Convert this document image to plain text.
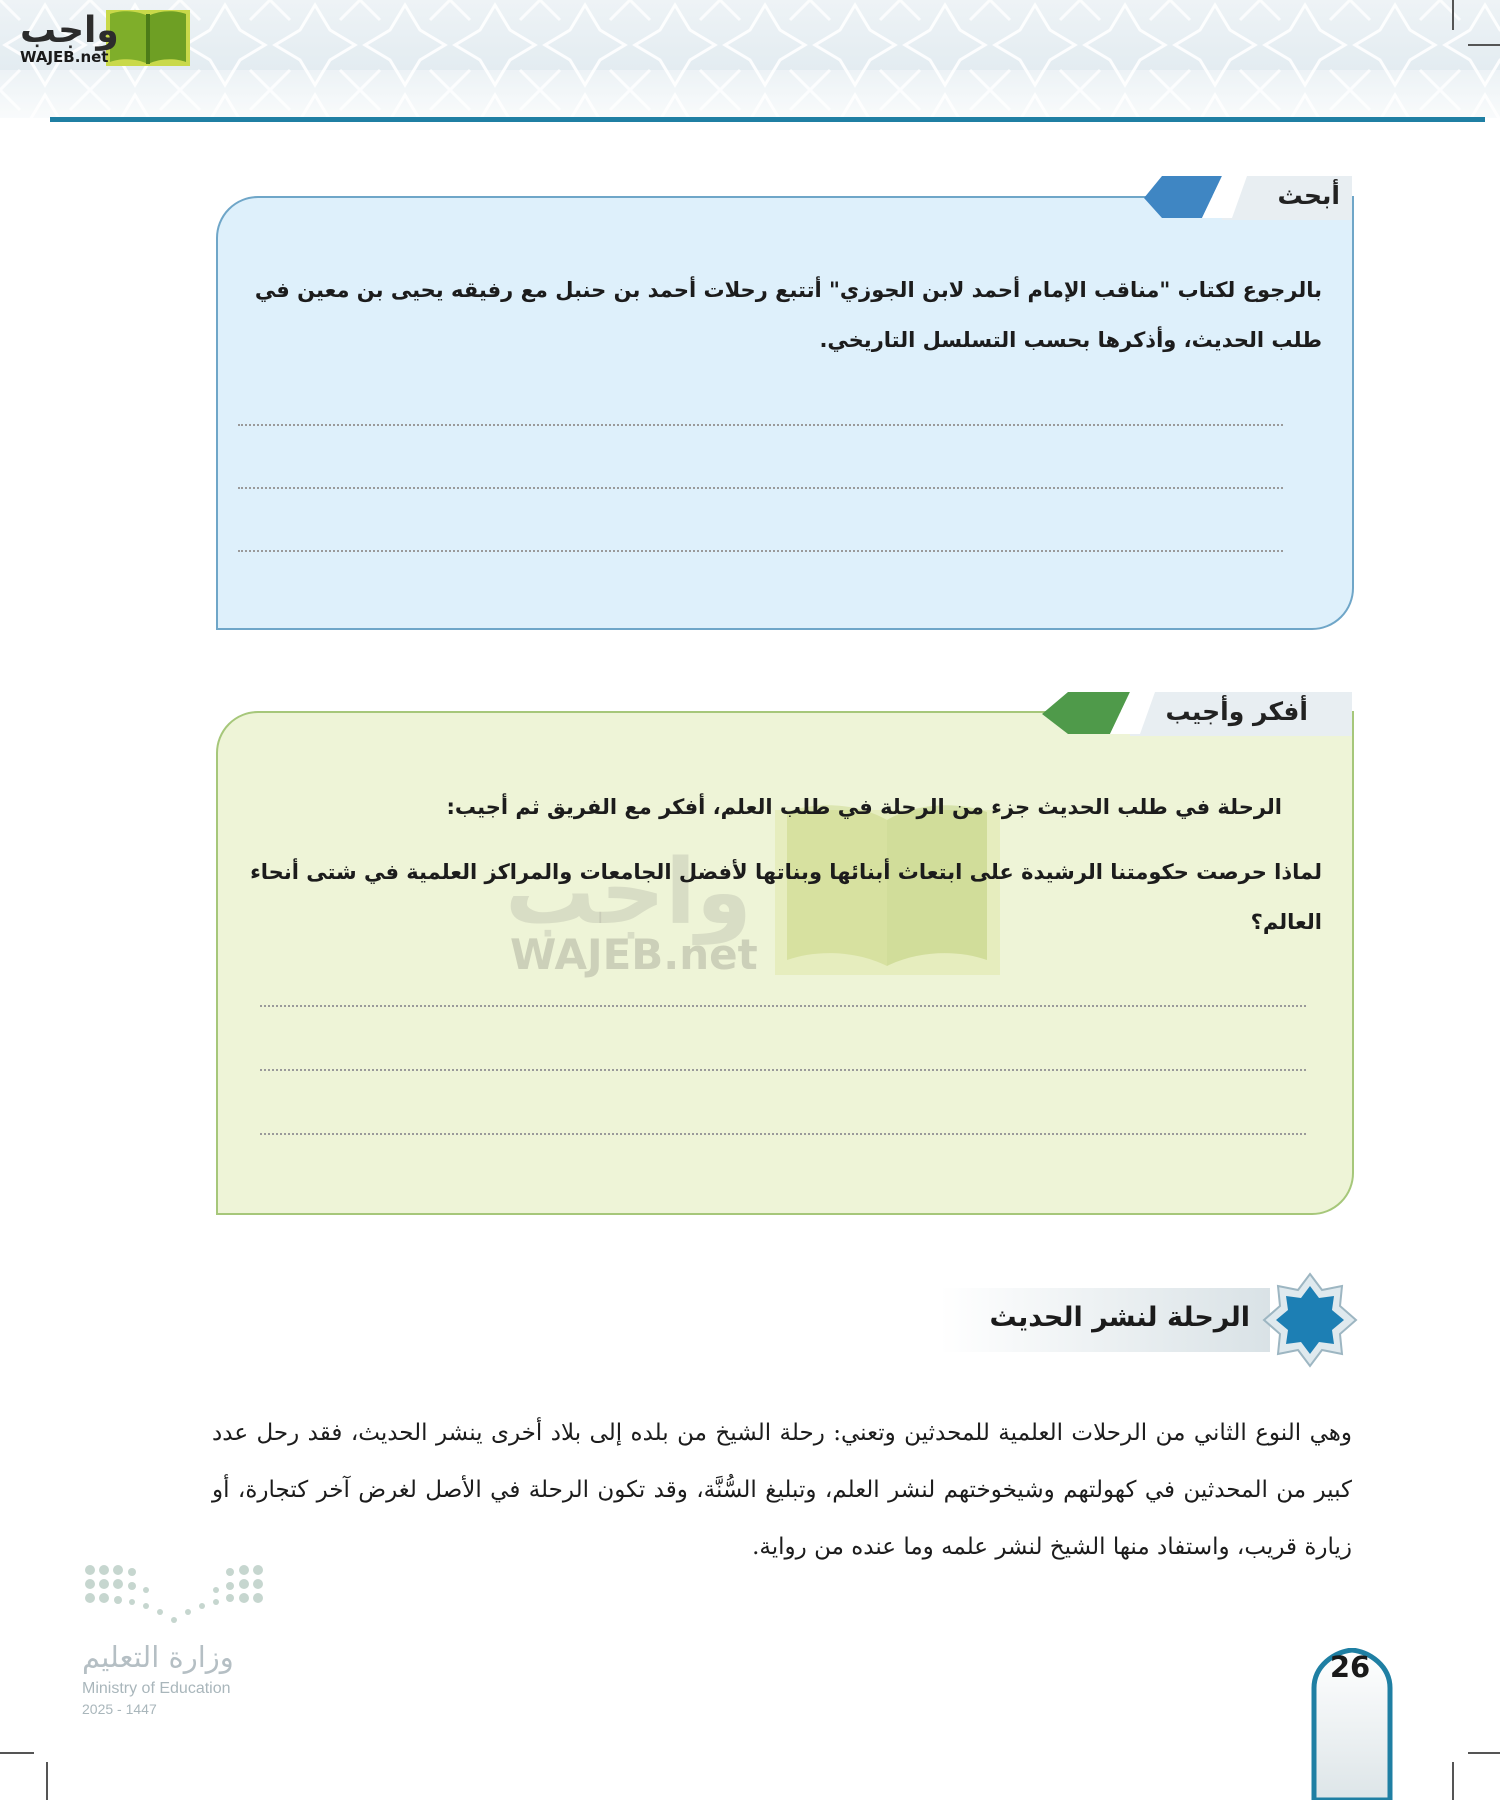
واجب
WAJEB.net
أبحث
بالرجوع لكتاب "مناقب الإمام أحمد لابن الجوزي" أتتبع رحلات أحمد بن حنبل مع رفيقه يحيى بن معين في طلب الحديث، وأذكرها بحسب التسلسل التاريخي.
أفكر وأجيب
واجب
WAJEB.net
الرحلة في طلب الحديث جزء من الرحلة في طلب العلم، أفكر مع الفريق ثم أجيب:
لماذا حرصت حكومتنا الرشيدة على ابتعاث أبنائها وبناتها لأفضل الجامعات والمراكز العلمية في شتى أنحاء العالم؟
الرحلة لنشر الحديث
وهي النوع الثاني من الرحلات العلمية للمحدثين وتعني: رحلة الشيخ من بلده إلى بلاد أخرى ينشر الحديث، فقد رحل عدد كبير من المحدثين في كهولتهم وشيخوختهم لنشر العلم، وتبليغ السُّنَّة، وقد تكون الرحلة في الأصل لغرض آخر كتجارة، أو زيارة قريب، واستفاد منها الشيخ لنشر علمه وما عنده من رواية.
وزارة التعليم
Ministry of Education
2025 - 1447
26
